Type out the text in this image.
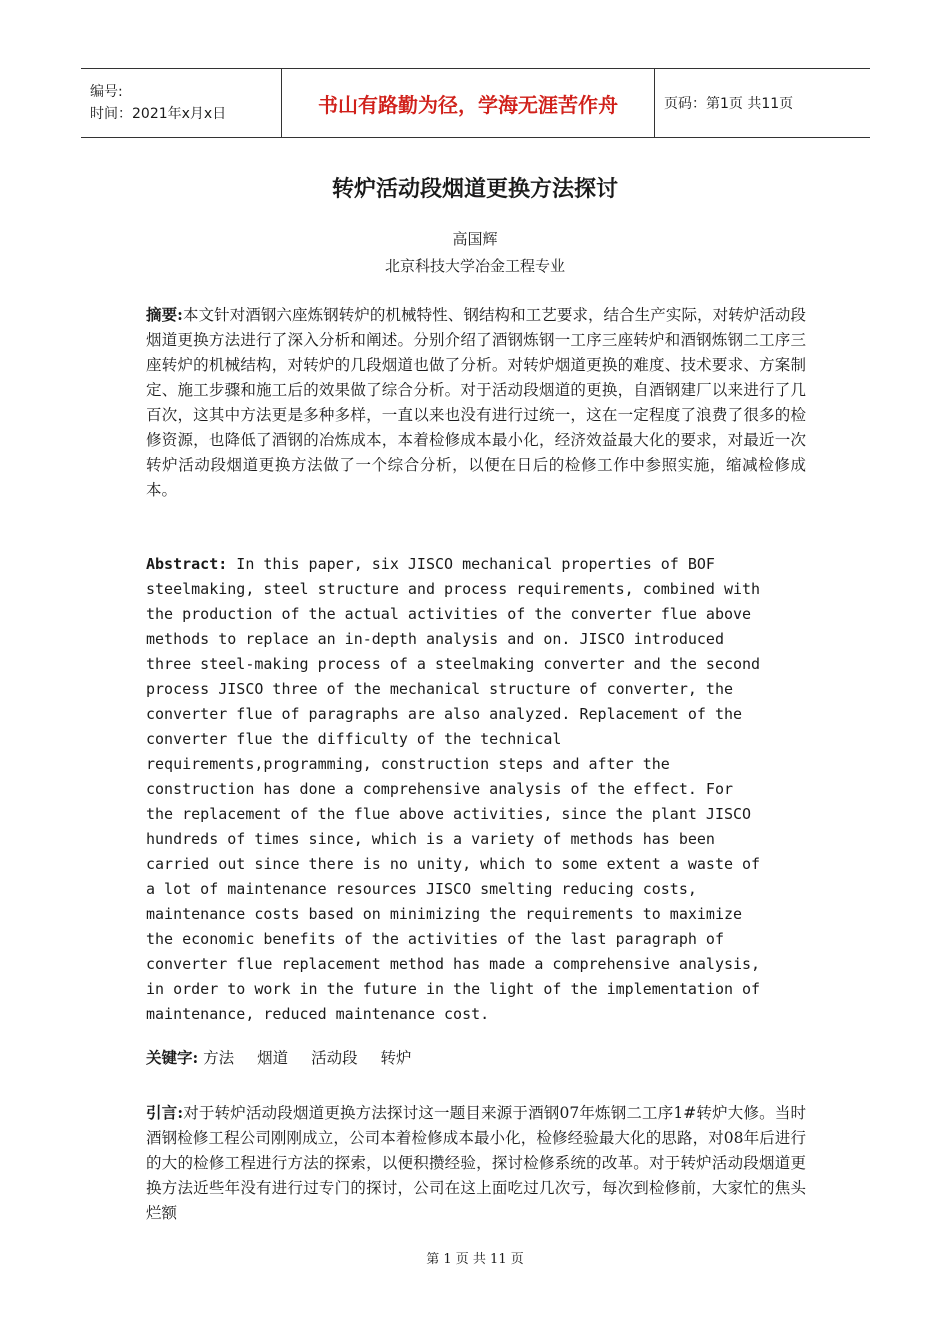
编号:
时间：2021年x月x日	书山有路勤为径，学海无涯苦作舟	页码：第1页 共11页
转炉活动段烟道更换方法探讨
高国辉
北京科技大学冶金工程专业
摘要:本文针对酒钢六座炼钢转炉的机械特性、钢结构和工艺要求，结合生产实际，对转炉活动段烟道更换方法进行了深入分析和阐述。分别介绍了酒钢炼钢一工序三座转炉和酒钢炼钢二工序三座转炉的机械结构，对转炉的几段烟道也做了分析。对转炉烟道更换的难度、技术要求、方案制定、施工步骤和施工后的效果做了综合分析。对于活动段烟道的更换，自酒钢建厂以来进行了几百次，这其中方法更是多种多样，一直以来也没有进行过统一，这在一定程度了浪费了很多的检修资源，也降低了酒钢的冶炼成本，本着检修成本最小化，经济效益最大化的要求，对最近一次转炉活动段烟道更换方法做了一个综合分析，以便在日后的检修工作中参照实施，缩减检修成本。
Abstract: In this paper, six JISCO mechanical properties of BOF
steelmaking, steel structure and process requirements, combined with
the production of the actual activities of the converter flue above
methods to replace an in-depth analysis and on. JISCO introduced
three steel-making process of a steelmaking converter and the second
process JISCO three of the mechanical structure of converter, the
converter flue of paragraphs are also analyzed. Replacement of the
converter flue the difficulty of the technical
requirements,programming, construction steps and after the
construction has done a comprehensive analysis of the effect. For
the replacement of the flue above activities, since the plant JISCO
hundreds of times since, which is a variety of methods has been
carried out since there is no unity, which to some extent a waste of
a lot of maintenance resources JISCO smelting reducing costs,
maintenance costs based on minimizing the requirements to maximize
the economic benefits of the activities of the last paragraph of
converter flue replacement method has made a comprehensive analysis,
in order to work in the future in the light of the implementation of
maintenance, reduced maintenance cost.
关键字: 方法 烟道 活动段 转炉
引言:对于转炉活动段烟道更换方法探讨这一题目来源于酒钢07年炼钢二工序1#转炉大修。当时酒钢检修工程公司刚刚成立，公司本着检修成本最小化，检修经验最大化的思路，对08年后进行的大的检修工程进行方法的探索，以便积攒经验，探讨检修系统的改革。对于转炉活动段烟道更换方法近些年没有进行过专门的探讨，公司在这上面吃过几次亏，每次到检修前，大家忙的焦头烂额
第 1 页 共 11 页
